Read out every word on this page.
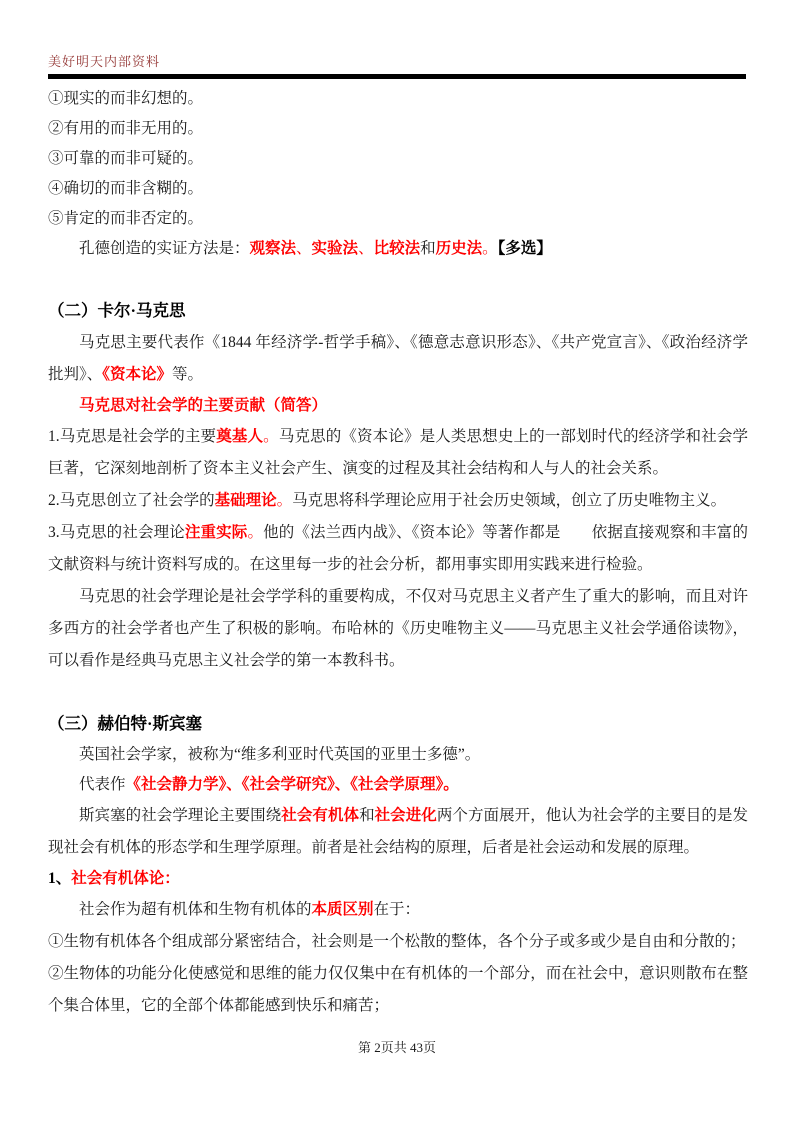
美好明天内部资料
①现实的而非幻想的。
②有用的而非无用的。
③可靠的而非可疑的。
④确切的而非含糊的。
⑤肯定的而非否定的。
孔德创造的实证方法是：观察法、实验法、比较法和历史法。【多选】
（二）卡尔·马克思
马克思主要代表作《1844 年经济学-哲学手稿》、《德意志意识形态》、《共产党宣言》、《政治经济学批判》、《资本论》等。
马克思对社会学的主要贡献（简答）
1.马克思是社会学的主要奠基人。马克思的《资本论》是人类思想史上的一部划时代的经济学和社会学巨著，它深刻地剖析了资本主义社会产生、演变的过程及其社会结构和人与人的社会关系。
2.马克思创立了社会学的基础理论。马克思将科学理论应用于社会历史领域，创立了历史唯物主义。
3.马克思的社会理论注重实际。他的《法兰西内战》、《资本论》等著作都是　　依据直接观察和丰富的文献资料与统计资料写成的。在这里每一步的社会分析，都用事实即用实践来进行检验。
马克思的社会学理论是社会学学科的重要构成，不仅对马克思主义者产生了重大的影响，而且对许多西方的社会学者也产生了积极的影响。布哈林的《历史唯物主义——马克思主义社会学通俗读物》，可以看作是经典马克思主义社会学的第一本教科书。
（三）赫伯特·斯宾塞
英国社会学家，被称为“维多利亚时代英国的亚里士多德”。
代表作《社会静力学》、《社会学研究》、《社会学原理》。
斯宾塞的社会学理论主要围绕社会有机体和社会进化两个方面展开，他认为社会学的主要目的是发现社会有机体的形态学和生理学原理。前者是社会结构的原理，后者是社会运动和发展的原理。
1、社会有机体论：
社会作为超有机体和生物有机体的本质区别在于：
①生物有机体各个组成部分紧密结合，社会则是一个松散的整体，各个分子或多或少是自由和分散的；
②生物体的功能分化使感觉和思维的能力仅仅集中在有机体的一个部分，而在社会中，意识则散布在整个集合体里，它的全部个体都能感到快乐和痛苦；
第 2页共 43页
